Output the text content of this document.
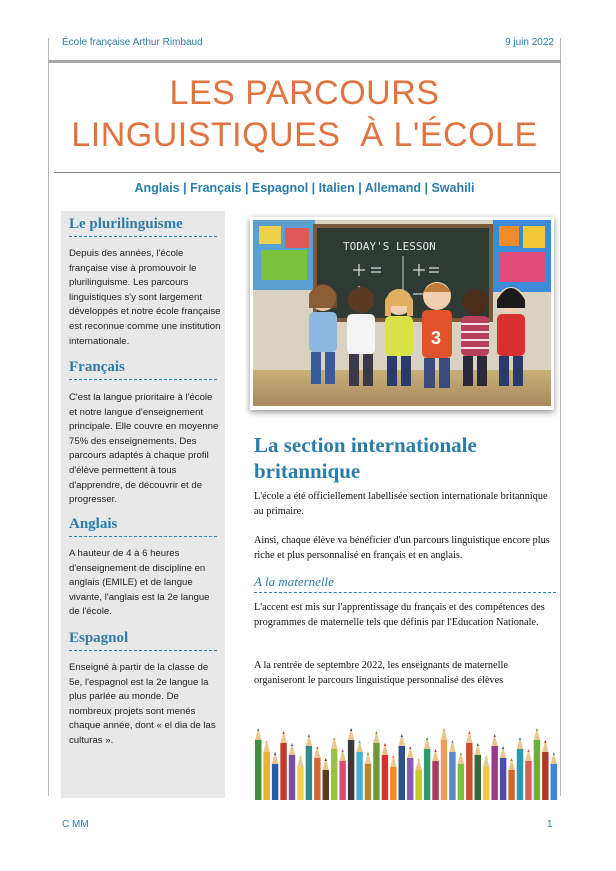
École française Arthur Rimbaud	9 juin 2022
LES PARCOURS
LINGUISTIQUES  À L'ÉCOLE
Anglais | Français | Espagnol | Italien | Allemand | Swahili
Le plurilinguisme

Depuis des années, l'école française vise à promouvoir le plurilinguisme. Les parcours linguistiques s'y sont largement développés et notre école française est reconnue comme une institution internationale.

Français

C'est la langue prioritaire à l'école et notre langue d'enseignement principale. Elle couvre en moyenne 75% des enseignements. Des parcours adaptés à chaque profil d'élève permettent à tous d'apprendre, de découvrir et de progresser.

Anglais

A hauteur de 4 à 6 heures d'enseignement de discipline en anglais (EMILE) et de langue vivante, l'anglais est la 2e langue de l'école.

Espagnol

Enseigné à partir de la classe de 5e, l'espagnol est la 2e langue la plus parlée au monde. De nombreux projets sont menés chaque année, dont « el dia de las culturas ».

TODAY'S LESSON
3
La section internationale britannique

L'école a été officiellement labellisée section internationale britannique au primaire.

Ainsi, chaque élève va bénéficier d'un parcours linguistique encore plus riche et plus personnalisé en français et en anglais.

A la maternelle

L'accent est mis sur l'apprentissage du français et des compétences des programmes de maternelle tels que définis par l'Education Nationale.

A la rentrée de septembre 2022, les enseignants de maternelle organiseront le parcours linguistique personnalisé des élèves

C MM	1
